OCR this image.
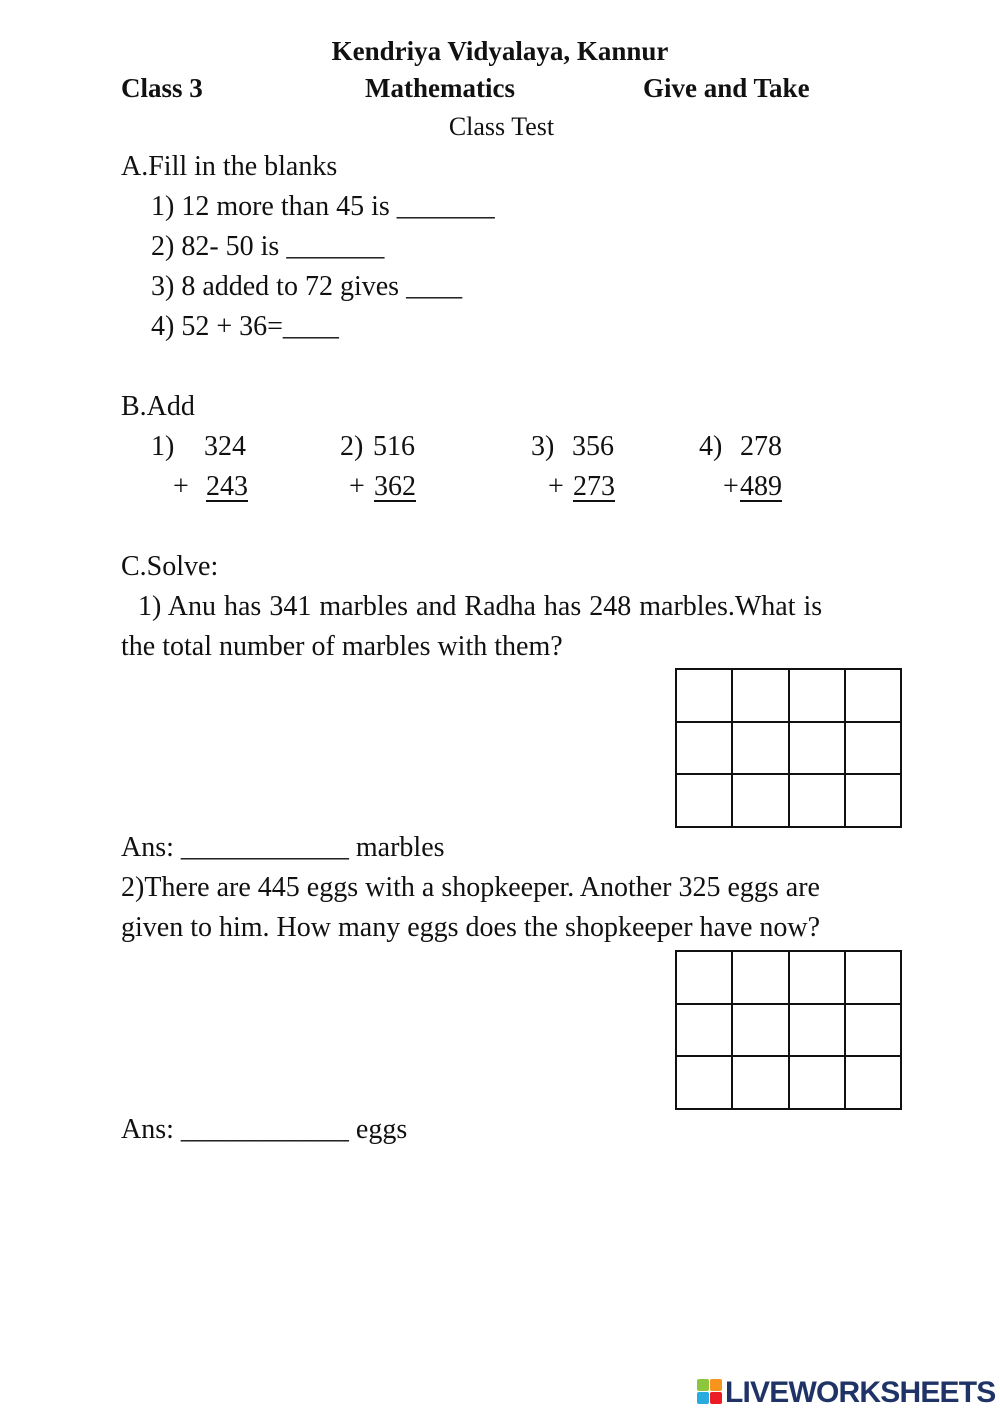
Kendriya Vidyalaya, Kannur
Class 3	Mathematics	Give and Take
Class Test
A.Fill in the blanks
1) 12 more than 45 is _______
2) 82- 50 is _______
3) 8 added to 72 gives ____
4) 52 + 36=____
B.Add
1) 324
+ 243
2) 516
+ 362
3) 356
+ 273
4) 278
+ 489
C.Solve:
1) Anu has 341 marbles and Radha has 248 marbles.What is
the total number of marbles with them?

Ans: ____________ marbles
2)There are 445 eggs with a shopkeeper. Another 325 eggs are
given to him. How many eggs does the shopkeeper have now?

Ans: ____________ eggs
LIVEWORKSHEETS
